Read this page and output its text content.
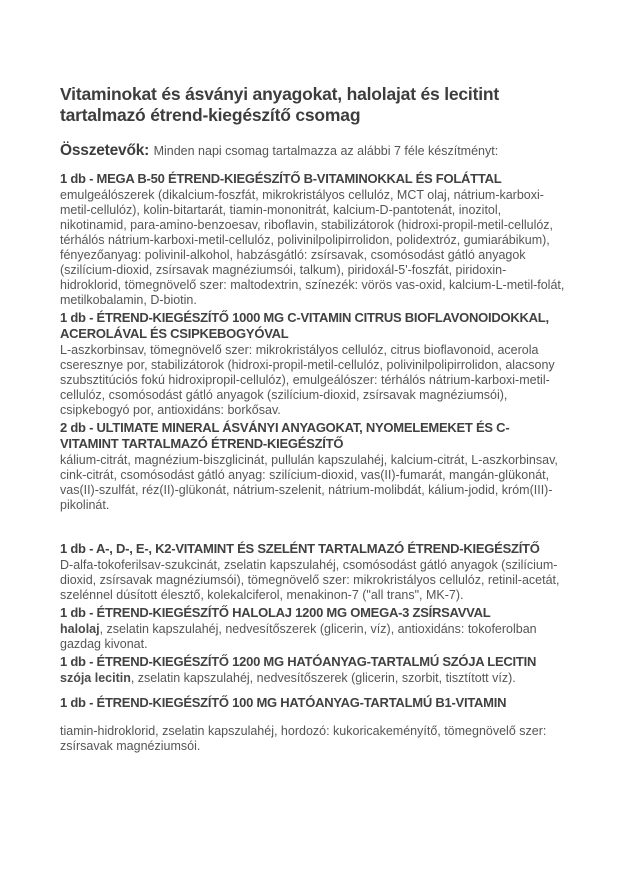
Vitaminokat és ásványi anyagokat, halolajat és lecitint tartalmazó étrend-kiegészítő csomag

Összetevők: Minden napi csomag tartalmazza az alábbi 7 féle készítményt:

1 db - MEGA B-50 ÉTREND-KIEGÉSZÍTŐ B-VITAMINOKKAL ÉS FOLÁTTAL

emulgeálószerek (dikalcium-foszfát, mikrokristályos cellulóz, MCT olaj, nátrium-karboxi-metil-cellulóz), kolin-bitartarát, tiamin-mononitrát, kalcium-D-pantotenát, inozitol, nikotinamid, para-amino-benzoesav, riboflavin, stabilizátorok (hidroxi-propil-metil-cellulóz, térhálós nátrium-karboxi-metil-cellulóz, polivinilpolipirrolidon, polidextróz, gumiarábikum), fényezőanyag: polivinil-alkohol, habzásgátló: zsírsavak, csomósodást gátló anyagok (szilícium-dioxid, zsírsavak magnéziumsói, talkum), piridoxál-5'-foszfát, piridoxin-hidroklorid, tömegnövelő szer: maltodextrin, színezék: vörös vas-oxid, kalcium-L-metil-folát, metilkobalamin, D-biotin.

1 db - ÉTREND-KIEGÉSZÍTŐ 1000 MG C-VITAMIN CITRUS BIOFLAVONOIDOKKAL, ACEROLÁVAL ÉS CSIPKEBOGYÓVAL

L-aszkorbinsav, tömegnövelő szer: mikrokristályos cellulóz, citrus bioflavonoid, acerola cseresznye por, stabilizátorok (hidroxi-propil-metil-cellulóz, polivinilpolipirrolidon, alacsony szubsztitúciós fokú hidroxipropil-cellulóz), emulgeálószer: térhálós nátrium-karboxi-metil-cellulóz, csomósodást gátló anyagok (szilícium-dioxid, zsírsavak magnéziumsói), csipkebogyó por, antioxidáns: borkősav.

2 db - ULTIMATE MINERAL ÁSVÁNYI ANYAGOKAT, NYOMELEMEKET ÉS C-VITAMINT TARTALMAZÓ ÉTREND-KIEGÉSZÍTŐ

kálium-citrát, magnézium-biszglicinát, pullulán kapszulahéj, kalcium-citrát, L-aszkorbinsav, cink-citrát, csomósodást gátló anyag: szilícium-dioxid, vas(II)-fumarát, mangán-glükonát, vas(II)-szulfát, réz(II)-glükonát, nátrium-szelenit, nátrium-molibdát, kálium-jodid, króm(III)-pikolinát.

1 db - A-, D-, E-, K2-VITAMINT ÉS SZELÉNT TARTALMAZÓ ÉTREND-KIEGÉSZÍTŐ

D-alfa-tokoferilsav-szukcinát, zselatin kapszulahéj, csomósodást gátló anyagok (szilícium-dioxid, zsírsavak magnéziumsói), tömegnövelő szer: mikrokristályos cellulóz, retinil-acetát, szelénnel dúsított élesztő, kolekalciferol, menakinon-7 ("all trans", MK-7).

1 db - ÉTREND-KIEGÉSZÍTŐ HALOLAJ 1200 MG OMEGA-3 ZSÍRSAVVAL

halolaj, zselatin kapszulahéj, nedvesítőszerek (glicerin, víz), antioxidáns: tokoferolban gazdag kivonat.

1 db - ÉTREND-KIEGÉSZÍTŐ 1200 MG HATÓANYAG-TARTALMÚ SZÓJA LECITIN

szója lecitin, zselatin kapszulahéj, nedvesítőszerek (glicerin, szorbit, tisztított víz).

1 db - ÉTREND-KIEGÉSZÍTŐ 100 MG HATÓANYAG-TARTALMÚ B1-VITAMIN

tiamin-hidroklorid, zselatin kapszulahéj, hordozó: kukoricakeményítő, tömegnövelő szer: zsírsavak magnéziumsói.
